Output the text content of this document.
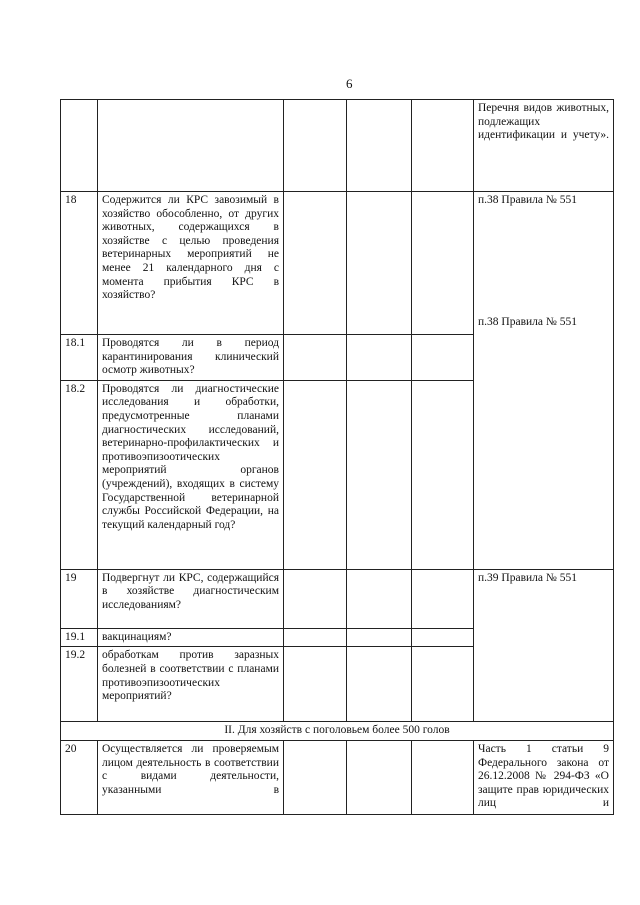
6
					Перечня видов животных, подлежащих идентификации и учету».
18	Содержится ли КРС завозимый в хозяйство обособленно, от других животных, содержащихся в хозяйстве с целью проведения ветеринарных мероприятий не менее 21 календарного дня с момента прибытия КРС в хозяйство?				п.38 Правила № 551
п.38 Правила № 551

18.1	Проводятся ли в период карантинирования клинический осмотр животных?				
18.2	Проводятся ли диагностические исследования и обработки, предусмотренные планами диагностических исследований, ветеринарно-профилактических и противоэпизоотических мероприятий органов (учреждений), входящих в систему Государственной ветеринарной службы Российской Федерации, на текущий календарный год?				
19	Подвергнут ли КРС, содержащийся в хозяйстве диагностическим исследованиям?				п.39 Правила № 551
19.1	вакцинациям?				
19.2	обработкам против заразных болезней в соответствии с планами противоэпизоотических мероприятий?				
II. Для хозяйств с поголовьем более 500 голов					
20	Осуществляется ли проверяемым лицом деятельность в соответствии с видами деятельности, указанными в				Часть 1 статьи 9 Федерального закона от 26.12.2008 № 294-ФЗ «О защите прав юридических лиц и
